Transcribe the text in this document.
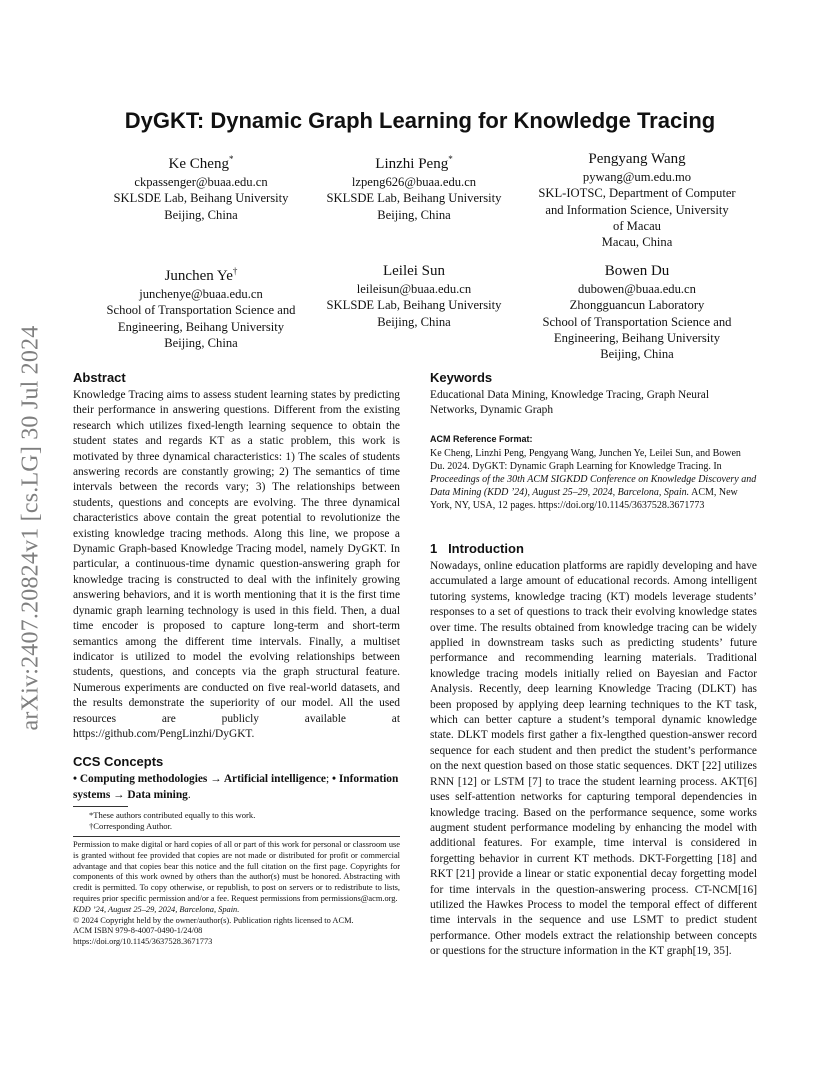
arXiv:2407.20824v1 [cs.LG] 30 Jul 2024
DyGKT: Dynamic Graph Learning for Knowledge Tracing
Ke Cheng*
ckpassenger@buaa.edu.cn
SKLSDE Lab, Beihang University
Beijing, China
Linzhi Peng*
lzpeng626@buaa.edu.cn
SKLSDE Lab, Beihang University
Beijing, China
Pengyang Wang
pywang@um.edu.mo
SKL-IOTSC, Department of Computer
and Information Science, University
of Macau
Macau, China
Junchen Ye†
junchenye@buaa.edu.cn
School of Transportation Science and
Engineering, Beihang University
Beijing, China
Leilei Sun
leileisun@buaa.edu.cn
SKLSDE Lab, Beihang University
Beijing, China
Bowen Du
dubowen@buaa.edu.cn
Zhongguancun Laboratory
School of Transportation Science and
Engineering, Beihang University
Beijing, China
Abstract

Knowledge Tracing aims to assess student learning states by predicting their performance in answering questions. Different from the existing research which utilizes fixed-length learning sequence to obtain the student states and regards KT as a static problem, this work is motivated by three dynamical characteristics: 1) The scales of students answering records are constantly growing; 2) The semantics of time intervals between the records vary; 3) The relationships between students, questions and concepts are evolving. The three dynamical characteristics above contain the great potential to revolutionize the existing knowledge tracing methods. Along this line, we propose a Dynamic Graph-based Knowledge Tracing model, namely DyGKT. In particular, a continuous-time dynamic question-answering graph for knowledge tracing is constructed to deal with the infinitely growing answering behaviors, and it is worth mentioning that it is the first time dynamic graph learning technology is used in this field. Then, a dual time encoder is proposed to capture long-term and short-term semantics among the different time intervals. Finally, a multiset indicator is utilized to model the evolving relationships between students, questions, and concepts via the graph structural feature. Numerous experiments are conducted on five real-world datasets, and the results demonstrate the superiority of our model. All the used resources are publicly available at https://github.com/PengLinzhi/DyGKT.

CCS Concepts

• Computing methodologies → Artificial intelligence; • Information systems → Data mining.

*These authors contributed equally to this work.
†Corresponding Author.
Permission to make digital or hard copies of all or part of this work for personal or classroom use is granted without fee provided that copies are not made or distributed for profit or commercial advantage and that copies bear this notice and the full citation on the first page. Copyrights for components of this work owned by others than the author(s) must be honored. Abstracting with credit is permitted. To copy otherwise, or republish, to post on servers or to redistribute to lists, requires prior specific permission and/or a fee. Request permissions from permissions@acm.org.
KDD ’24, August 25–29, 2024, Barcelona, Spain.
© 2024 Copyright held by the owner/author(s). Publication rights licensed to ACM.
ACM ISBN 979-8-4007-0490-1/24/08
https://doi.org/10.1145/3637528.3671773
Keywords

Educational Data Mining, Knowledge Tracing, Graph Neural Networks, Dynamic Graph

ACM Reference Format:

Ke Cheng, Linzhi Peng, Pengyang Wang, Junchen Ye, Leilei Sun, and Bowen Du. 2024. DyGKT: Dynamic Graph Learning for Knowledge Tracing. In Proceedings of the 30th ACM SIGKDD Conference on Knowledge Discovery and Data Mining (KDD ’24), August 25–29, 2024, Barcelona, Spain. ACM, New York, NY, USA, 12 pages. https://doi.org/10.1145/3637528.3671773

1   Introduction

Nowadays, online education platforms are rapidly developing and have accumulated a large amount of educational records. Among intelligent tutoring systems, knowledge tracing (KT) models leverage students’ responses to a set of questions to track their evolving knowledge states over time. The results obtained from knowledge tracing can be widely applied in downstream tasks such as predicting students’ future performance and recommending learning materials. Traditional knowledge tracing models initially relied on Bayesian and Factor Analysis. Recently, deep learning Knowledge Tracing (DLKT) has been proposed by applying deep learning techniques to the KT task, which can better capture a student’s temporal dynamic knowledge state. DLKT models first gather a fix-lengthed question-answer record sequence for each student and then predict the student’s performance on the next question based on those static sequences. DKT [22] utilizes RNN [12] or LSTM [7] to trace the student learning process. AKT[6] uses self-attention networks for capturing temporal dependencies in knowledge tracing. Based on the performance sequence, some works augment student performance modeling by enhancing the model with additional features. For example, time interval is considered in forgetting behavior in current KT methods. DKT-Forgetting [18] and RKT [21] provide a linear or static exponential decay forgetting model for time intervals in the question-answering process. CT-NCM[16] utilized the Hawkes Process to model the temporal effect of different time intervals in the sequence and use LSMT to predict student performance. Other models extract the relationship between concepts or questions for the structure information in the KT graph[19, 35].
